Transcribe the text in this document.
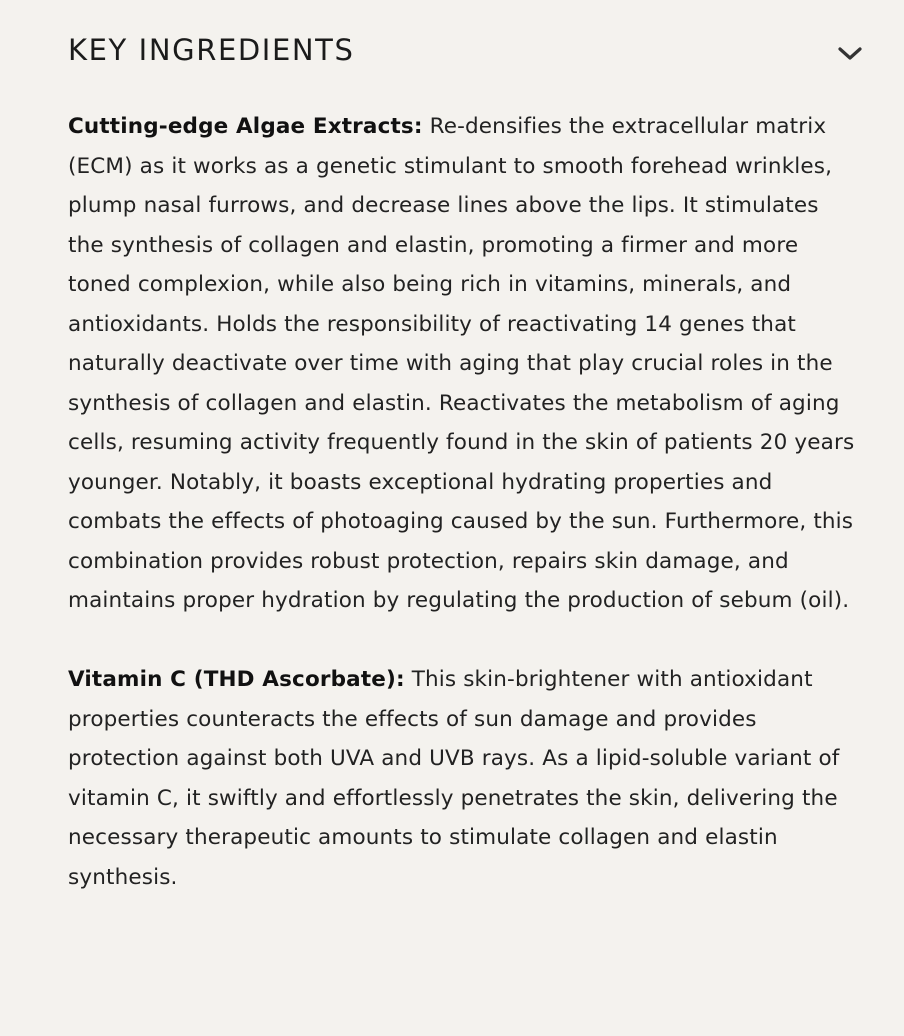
KEY INGREDIENTS

Cutting-edge Algae Extracts: Re-densifies the extracellular matrix (ECM) as it works as a genetic stimulant to smooth forehead wrinkles, plump nasal furrows, and decrease lines above the lips. It stimulates the synthesis of collagen and elastin, promoting a firmer and more toned complexion, while also being rich in vitamins, minerals, and antioxidants. Holds the responsibility of reactivating 14 genes that naturally deactivate over time with aging that play crucial roles in the synthesis of collagen and elastin. Reactivates the metabolism of aging cells, resuming activity frequently found in the skin of patients 20 years younger. Notably, it boasts exceptional hydrating properties and combats the effects of photoaging caused by the sun. Furthermore, this combination provides robust protection, repairs skin damage, and maintains proper hydration by regulating the production of sebum (oil).

Vitamin C (THD Ascorbate): This skin-brightener with antioxidant properties counteracts the effects of sun damage and provides protection against both UVA and UVB rays. As a lipid-soluble variant of vitamin C, it swiftly and effortlessly penetrates the skin, delivering the necessary therapeutic amounts to stimulate collagen and elastin synthesis.
